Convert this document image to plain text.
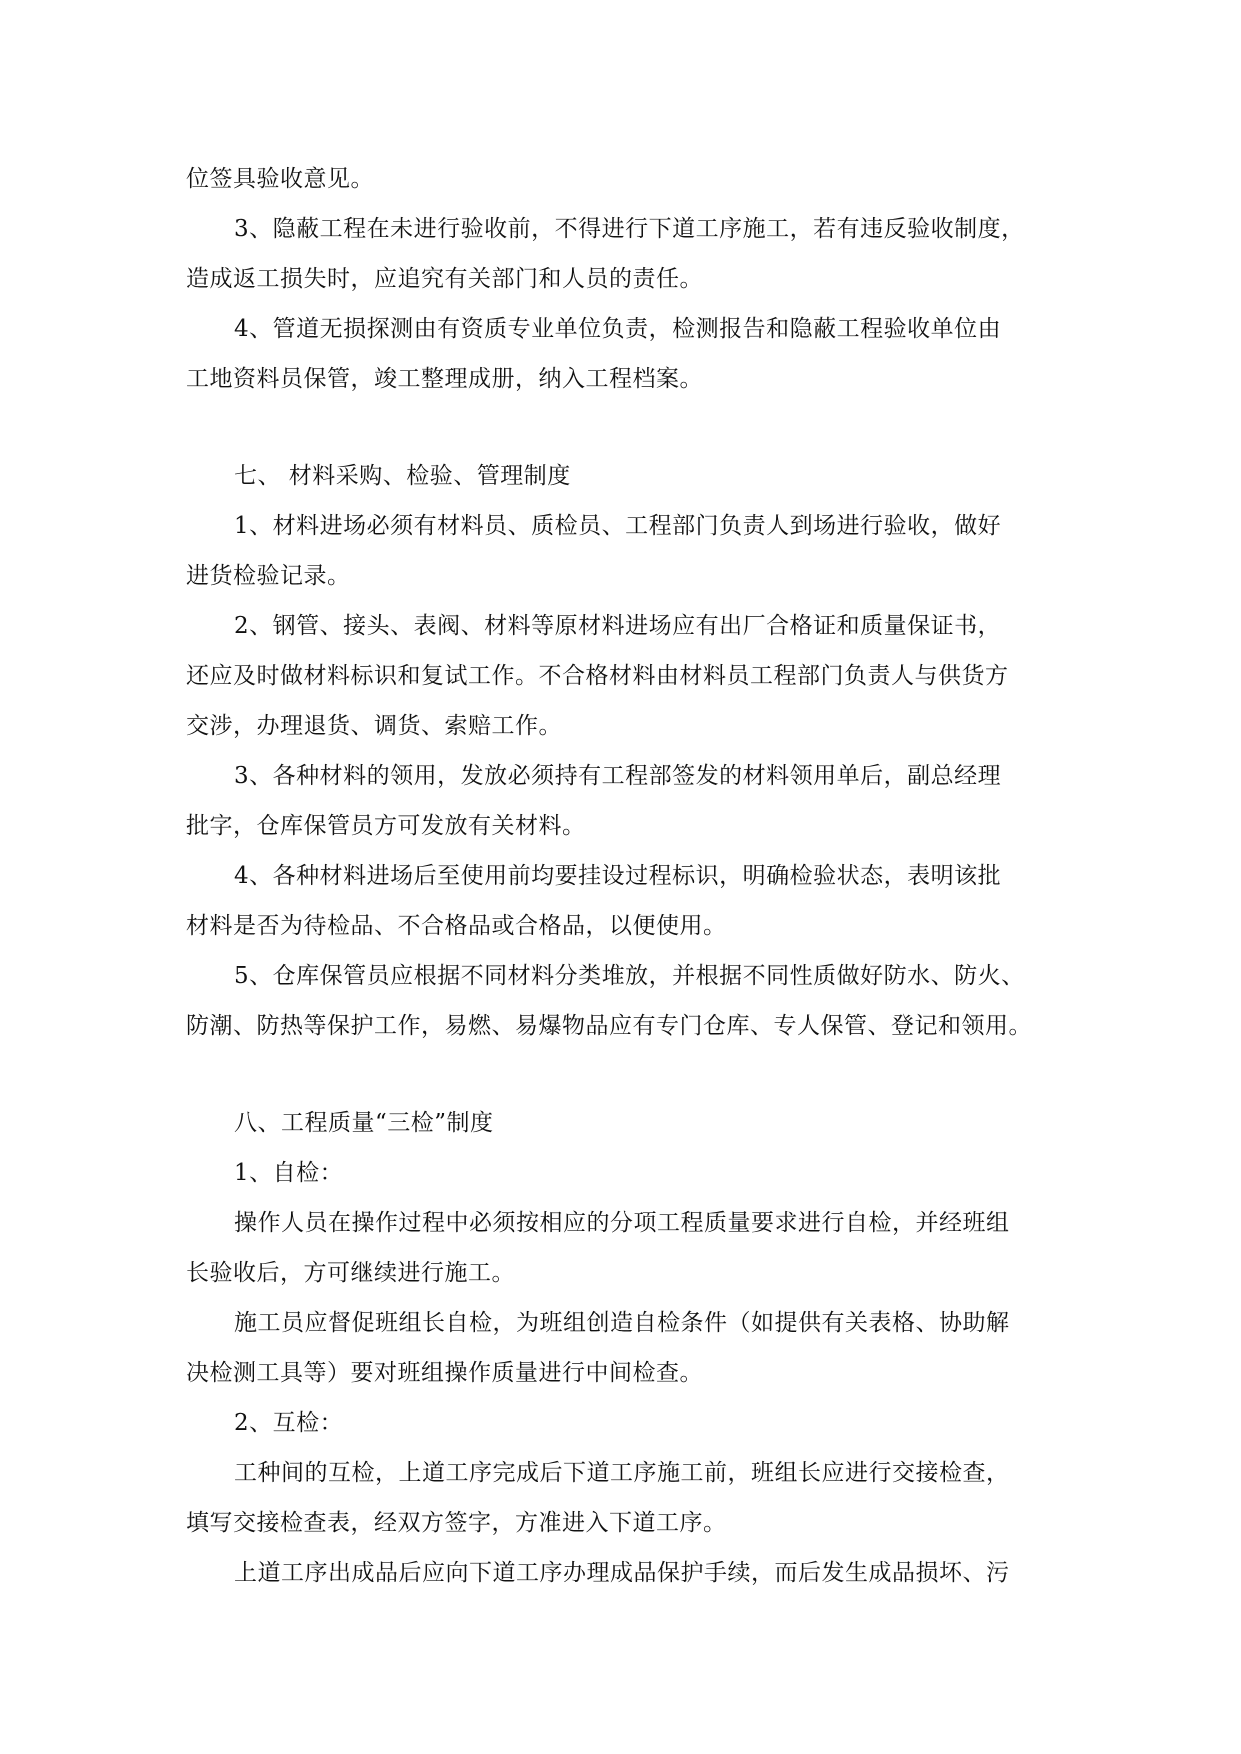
位签具验收意见。
3、隐蔽工程在未进行验收前，不得进行下道工序施工，若有违反验收制度，
造成返工损失时，应追究有关部门和人员的责任。
4、管道无损探测由有资质专业单位负责，检测报告和隐蔽工程验收单位由
工地资料员保管，竣工整理成册，纳入工程档案。
七、 材料采购、检验、管理制度
1、材料进场必须有材料员、质检员、工程部门负责人到场进行验收，做好
进货检验记录。
2、钢管、接头、表阀、材料等原材料进场应有出厂合格证和质量保证书，
还应及时做材料标识和复试工作。不合格材料由材料员工程部门负责人与供货方
交涉，办理退货、调货、索赔工作。
3、各种材料的领用，发放必须持有工程部签发的材料领用单后，副总经理
批字，仓库保管员方可发放有关材料。
4、各种材料进场后至使用前均要挂设过程标识，明确检验状态，表明该批
材料是否为待检品、不合格品或合格品，以便使用。
5、仓库保管员应根据不同材料分类堆放，并根据不同性质做好防水、防火、
防潮、防热等保护工作，易燃、易爆物品应有专门仓库、专人保管、登记和领用。
八、工程质量“三检”制度
1、自检：
操作人员在操作过程中必须按相应的分项工程质量要求进行自检，并经班组
长验收后，方可继续进行施工。
施工员应督促班组长自检，为班组创造自检条件（如提供有关表格、协助解
决检测工具等）要对班组操作质量进行中间检查。
2、互检：
工种间的互检，上道工序完成后下道工序施工前，班组长应进行交接检查，
填写交接检查表，经双方签字，方准进入下道工序。
上道工序出成品后应向下道工序办理成品保护手续，而后发生成品损坏、污
